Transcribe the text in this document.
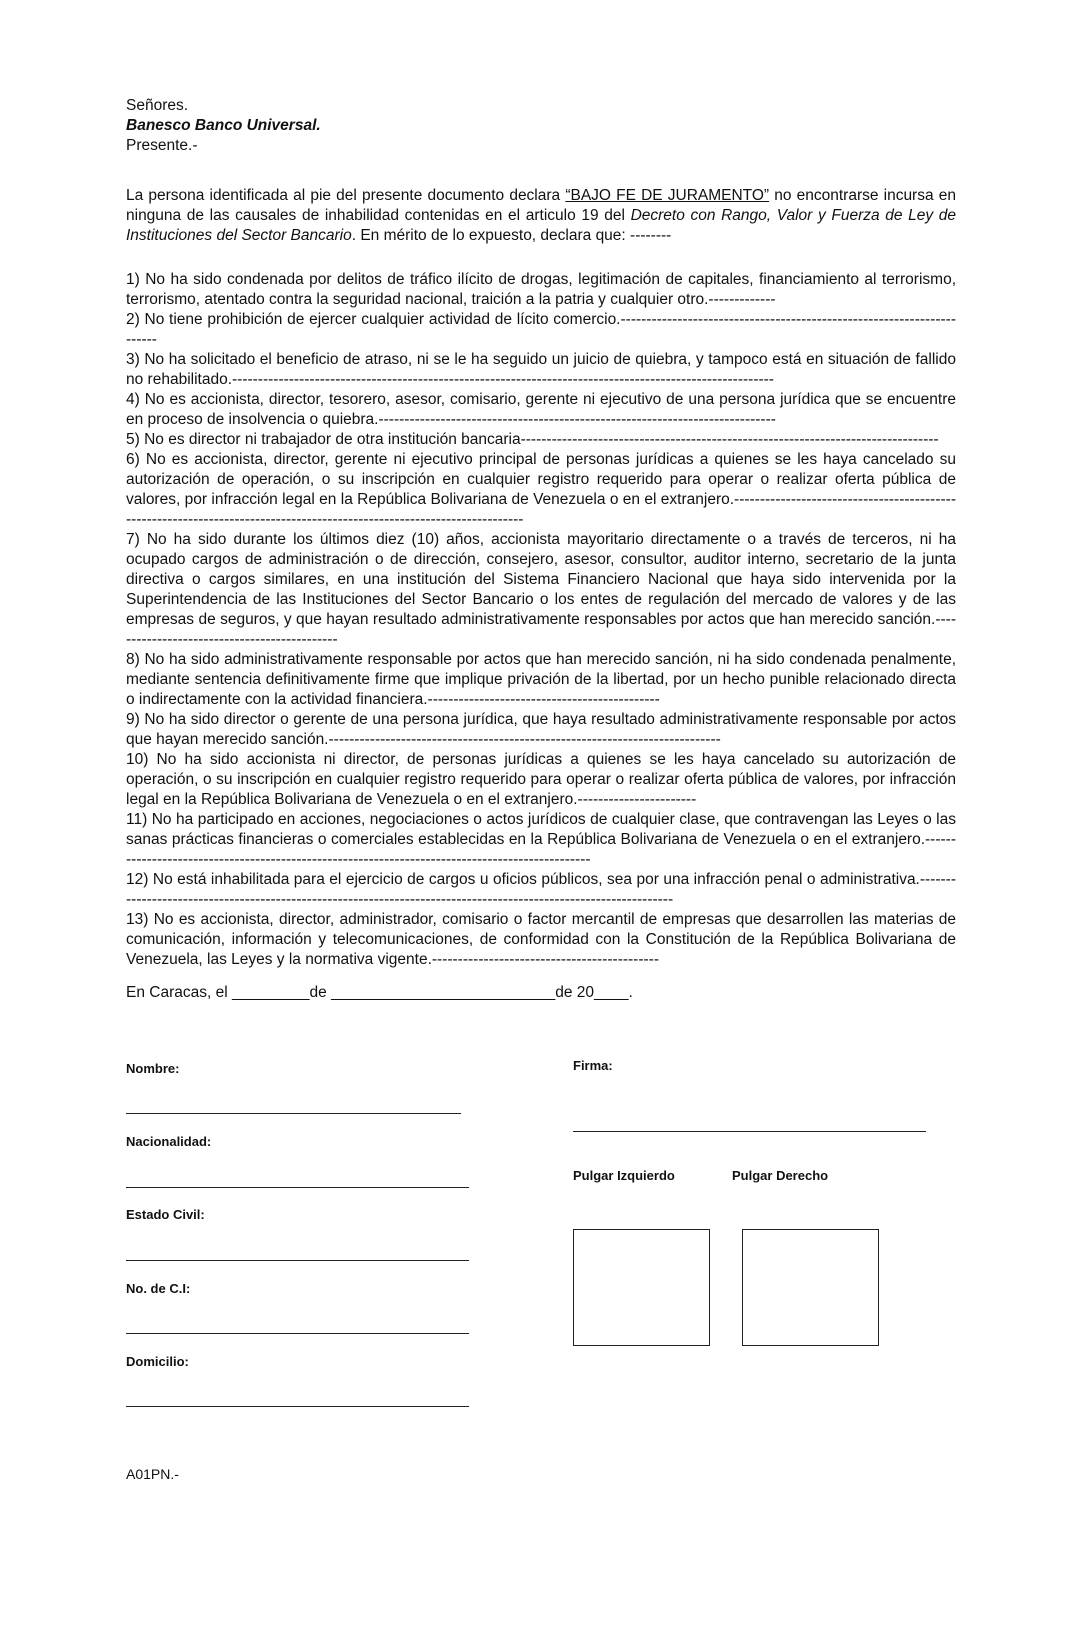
Señores.
Banesco Banco Universal.
Presente.-
La persona identificada al pie del presente documento declara “BAJO FE DE JURAMENTO” no encontrarse incursa en ninguna de las causales de inhabilidad contenidas en el articulo 19 del Decreto con Rango, Valor y Fuerza de Ley de Instituciones del Sector Bancario. En mérito de lo expuesto, declara que: --------
1) No ha sido condenada por delitos de tráfico ilícito de drogas, legitimación de capitales, financiamiento al terrorismo, terrorismo, atentado contra la seguridad nacional, traición a la patria y cualquier otro.-------------
2) No tiene prohibición de ejercer cualquier actividad de lícito comercio.-----------------------------------------------------------------------
3) No ha solicitado el beneficio de atraso, ni se le ha seguido un juicio de quiebra, y tampoco está en situación de fallido no rehabilitado.---------------------------------------------------------------------------------------------------------
4) No es accionista, director, tesorero, asesor, comisario, gerente ni ejecutivo de una persona jurídica que se encuentre en proceso de insolvencia o quiebra.-----------------------------------------------------------------------------
5) No es director ni trabajador de otra institución bancaria---------------------------------------------------------------------------------
6) No es accionista, director, gerente ni ejecutivo principal de personas jurídicas a quienes se les haya cancelado su autorización de operación, o su inscripción en cualquier registro requerido para operar o realizar oferta pública de valores, por infracción legal en la República Bolivariana de Venezuela o en el extranjero.------------------------------------------------------------------------------------------------------------------------
7) No ha sido durante los últimos diez (10) años, accionista mayoritario directamente o a través de terceros, ni ha ocupado cargos de administración o de dirección, consejero, asesor, consultor, auditor interno, secretario de la junta directiva o cargos similares, en una institución del Sistema Financiero Nacional que haya sido intervenida por la Superintendencia de las Instituciones del Sector Bancario o los entes de regulación del mercado de valores y de las empresas de seguros, y que hayan resultado administrativamente responsables por actos que han merecido sanción.---------------------------------------------
8) No ha sido administrativamente responsable por actos que han merecido sanción, ni ha sido condenada penalmente, mediante sentencia definitivamente firme que implique privación de la libertad, por un hecho punible relacionado directa o indirectamente con la actividad financiera.---------------------------------------------
9) No ha sido director o gerente de una persona jurídica, que haya resultado administrativamente responsable por actos que hayan merecido sanción.----------------------------------------------------------------------------
10) No ha sido accionista ni director, de personas jurídicas a quienes se les haya cancelado su autorización de operación, o su inscripción en cualquier registro requerido para operar o realizar oferta pública de valores, por infracción legal en la República Bolivariana de Venezuela o en el extranjero.-----------------------
11) No ha participado en acciones, negociaciones o actos jurídicos de cualquier clase, que contravengan las Leyes o las sanas prácticas financieras o comerciales establecidas en la República Bolivariana de Venezuela o en el extranjero.------------------------------------------------------------------------------------------------
12) No está inhabilitada para el ejercicio de cargos u oficios públicos, sea por una infracción penal o administrativa.-----------------------------------------------------------------------------------------------------------------
13) No es accionista, director, administrador, comisario o factor mercantil de empresas que desarrollen las materias de comunicación, información y telecomunicaciones, de conformidad con la Constitución de la República Bolivariana de Venezuela, las Leyes y la normativa vigente.--------------------------------------------
En Caracas, el _________de __________________________de 20____.
Nombre:
Nacionalidad:
Estado Civil:
No. de C.I:
Domicilio:
Firma:
Pulgar Izquierdo	Pulgar Derecho
A01PN.-
